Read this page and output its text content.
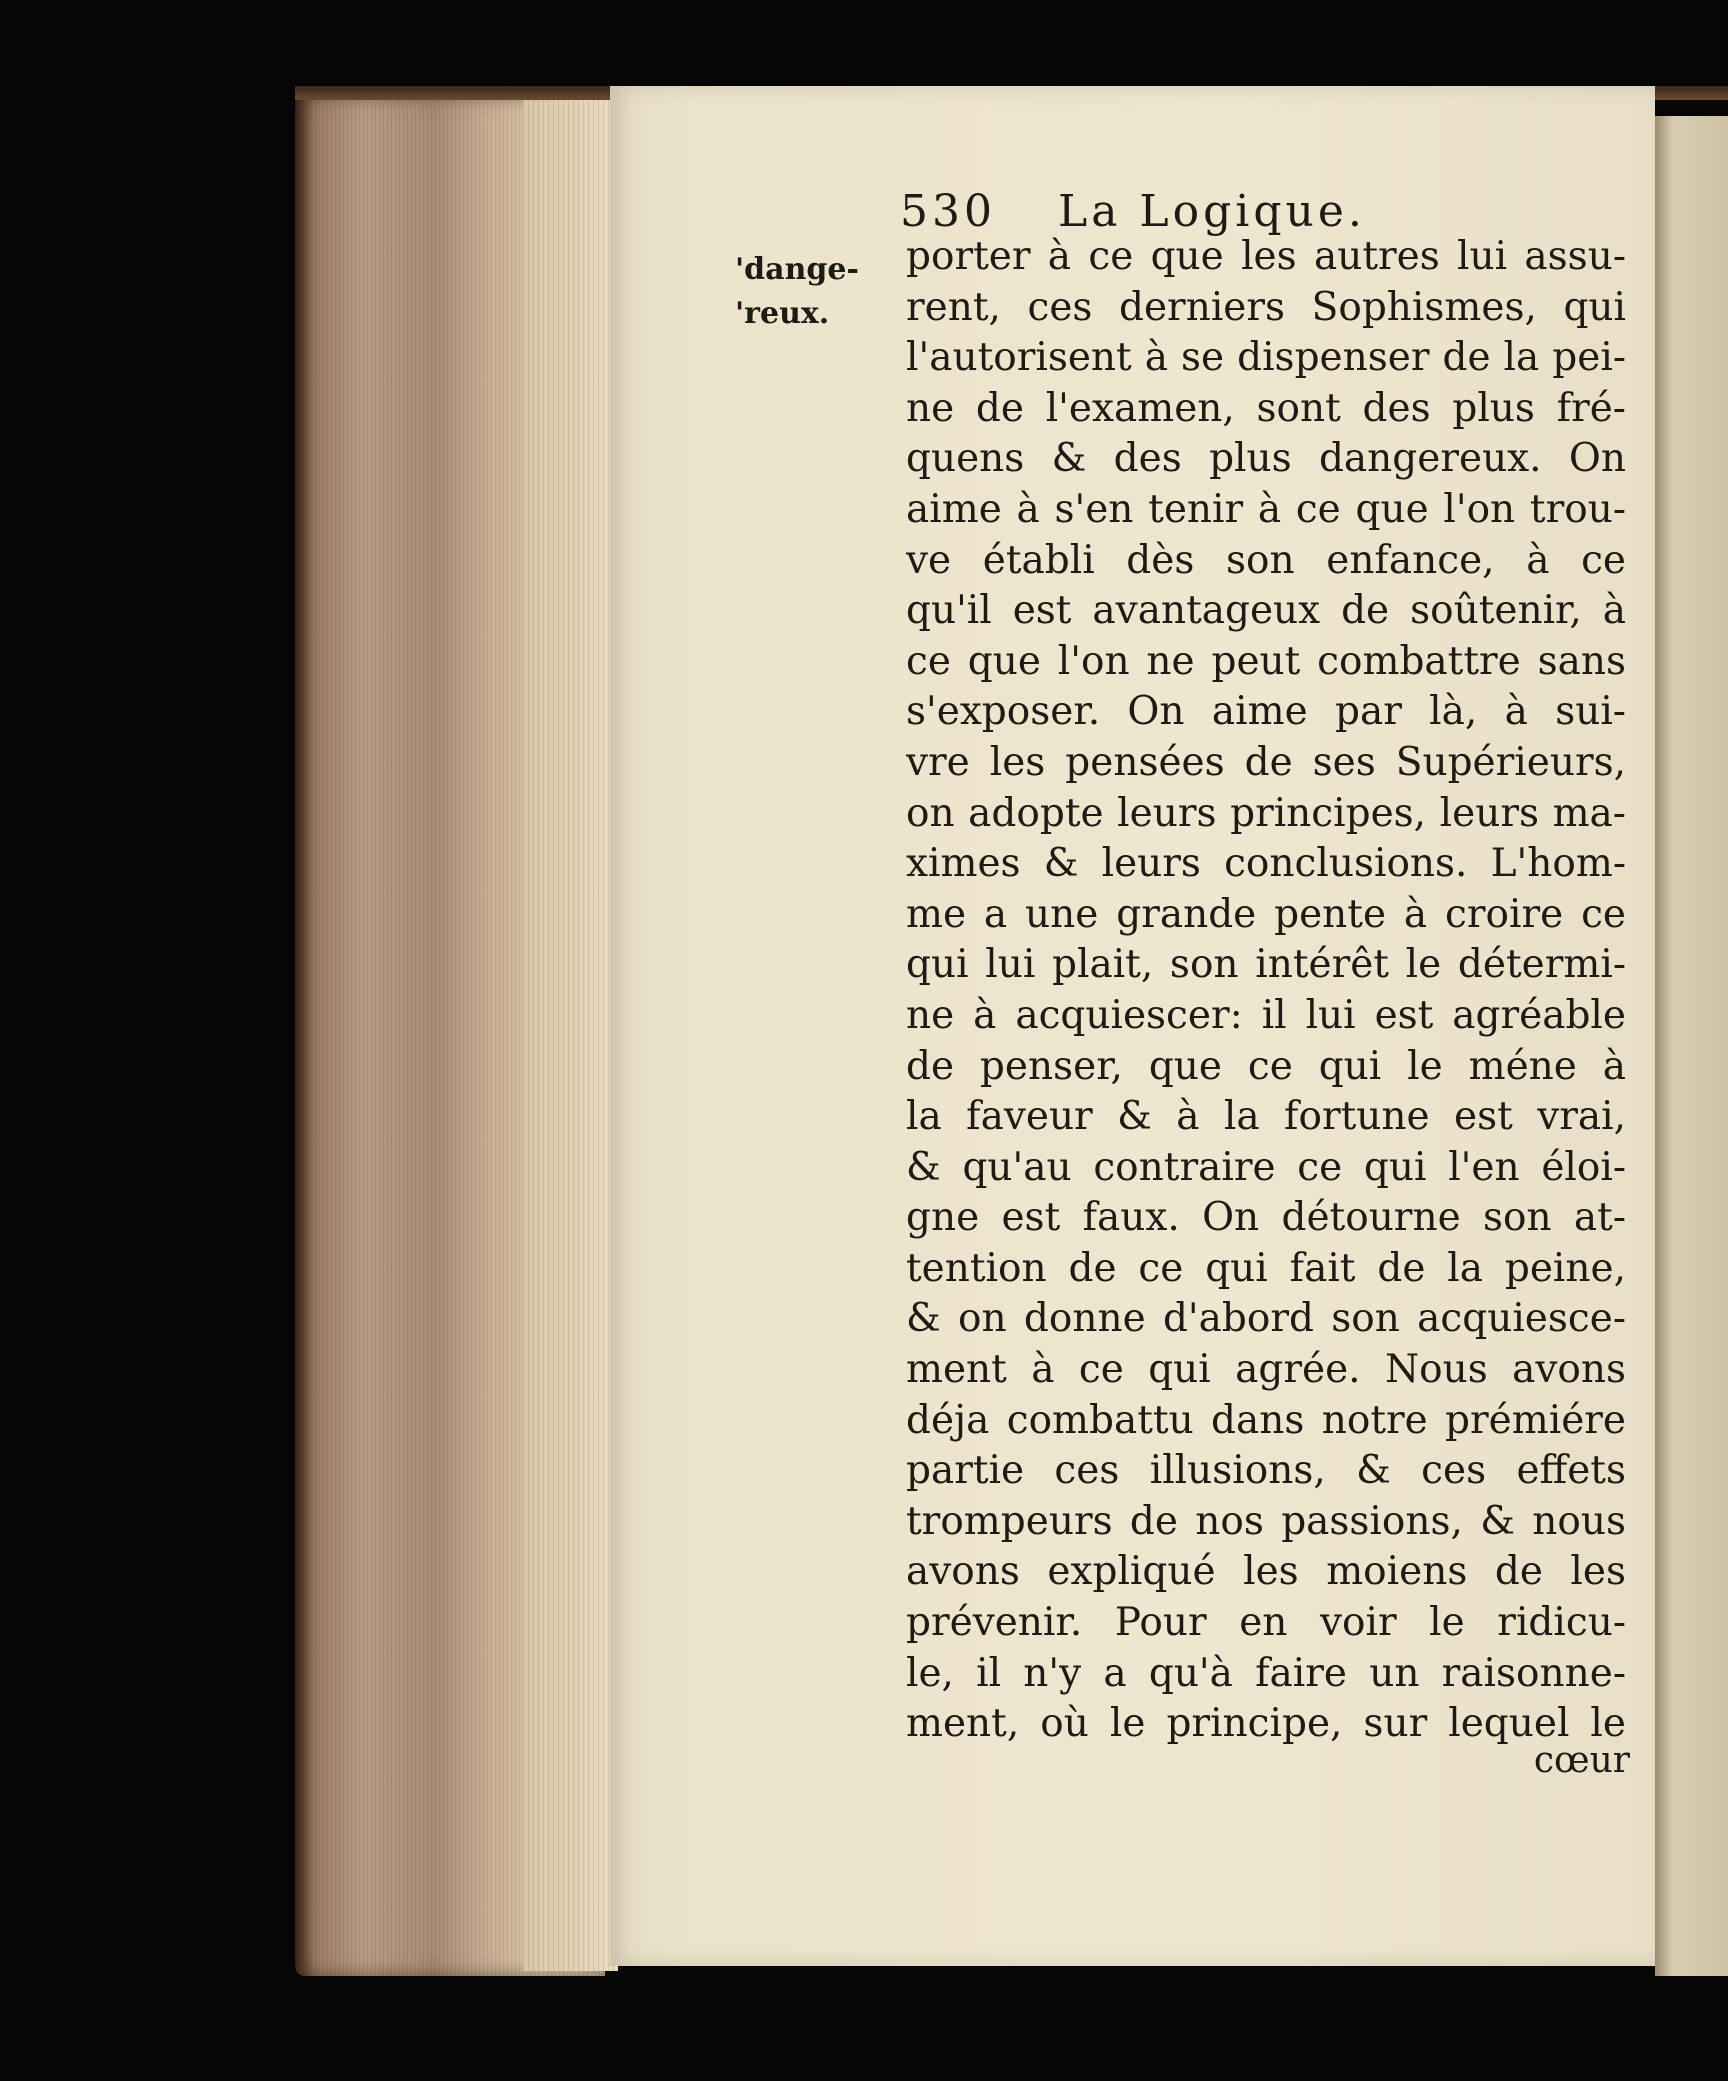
530 La Logique.
'dange-
'reux.
porter à ce que les autres lui assu-
rent, ces derniers Sophismes, qui
l'autorisent à se dispenser de la pei-
ne de l'examen, sont des plus fré-
quens & des plus dangereux. On
aime à s'en tenir à ce que l'on trou-
ve établi dès son enfance, à ce
qu'il est avantageux de soûtenir, à
ce que l'on ne peut combattre sans
s'exposer. On aime par là, à sui-
vre les pensées de ses Supérieurs,
on adopte leurs principes, leurs ma-
ximes & leurs conclusions. L'hom-
me a une grande pente à croire ce
qui lui plait, son intérêt le détermi-
ne à acquiescer: il lui est agréable
de penser, que ce qui le méne à
la faveur & à la fortune est vrai,
& qu'au contraire ce qui l'en éloi-
gne est faux. On détourne son at-
tention de ce qui fait de la peine,
& on donne d'abord son acquiesce-
ment à ce qui agrée. Nous avons
déja combattu dans notre prémiére
partie ces illusions, & ces effets
trompeurs de nos passions, & nous
avons expliqué les moiens de les
prévenir. Pour en voir le ridicu-
le, il n'y a qu'à faire un raisonne-
ment, où le principe, sur lequel le
cœur
